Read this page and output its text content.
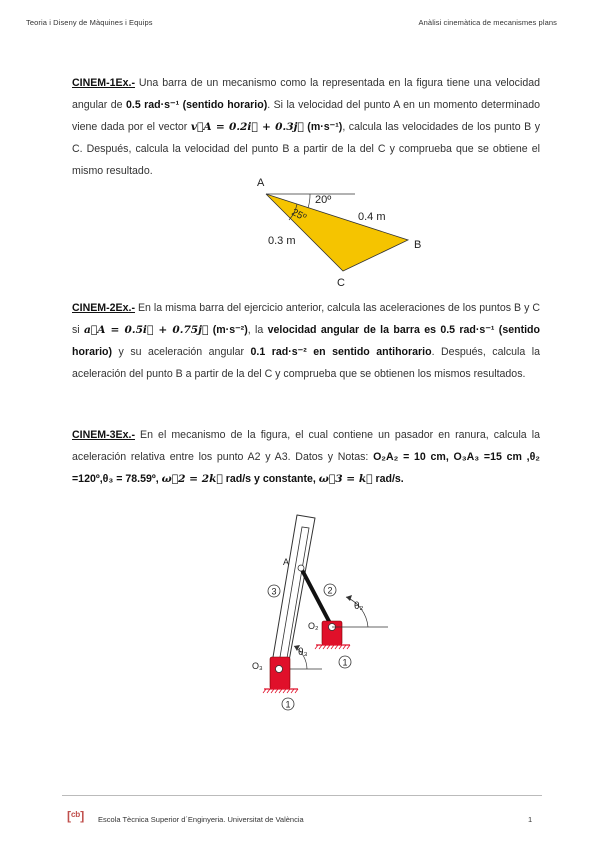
Teoria i Diseny de Màquines i Equips	Anàlisi cinemàtica de mecanismes plans
CINEM-1Ex.- Una barra de un mecanismo como la representada en la figura tiene una velocidad angular de 0.5 rad·s⁻¹ (sentido horario). Si la velocidad del punto A en un momento determinado viene dada por el vector v⃗A = 0.2i⃗ + 0.3j⃗ (m·s⁻¹), calcula las velocidades de los punto B y C. Después, calcula la velocidad del punto B a partir de la del C y comprueba que se obtiene el mismo resultado.
A
B
C
20º
25º	0.4 m
0.3 m
CINEM-2Ex.- En la misma barra del ejercicio anterior, calcula las aceleraciones de los puntos B y C si a⃗A = 0.5i⃗ + 0.75j⃗ (m·s⁻²), la velocidad angular de la barra es 0.5 rad·s⁻¹ (sentido horario) y su aceleración angular 0.1 rad·s⁻² en sentido antihorario. Después, calcula la aceleración del punto B a partir de la del C y comprueba que se obtienen los mismos resultados.
CINEM-3Ex.- En el mecanismo de la figura, el cual contiene un pasador en ranura, calcula la aceleración relativa entre los punto A2 y A3. Datos y Notas: O₂A₂ = 10 cm, O₃A₃ =15 cm ,θ₂ =120º,θ₃ = 78.59º, ω⃗2 = 2k⃗ rad/s y constante, ω⃗3 = k⃗ rad/s.
A
O₂
O₃
θ₂
θ₃
3	2
1
1
[ᶜᵇ] Escola Tècnica Superior d´Enginyeria. Universitat de València	1
